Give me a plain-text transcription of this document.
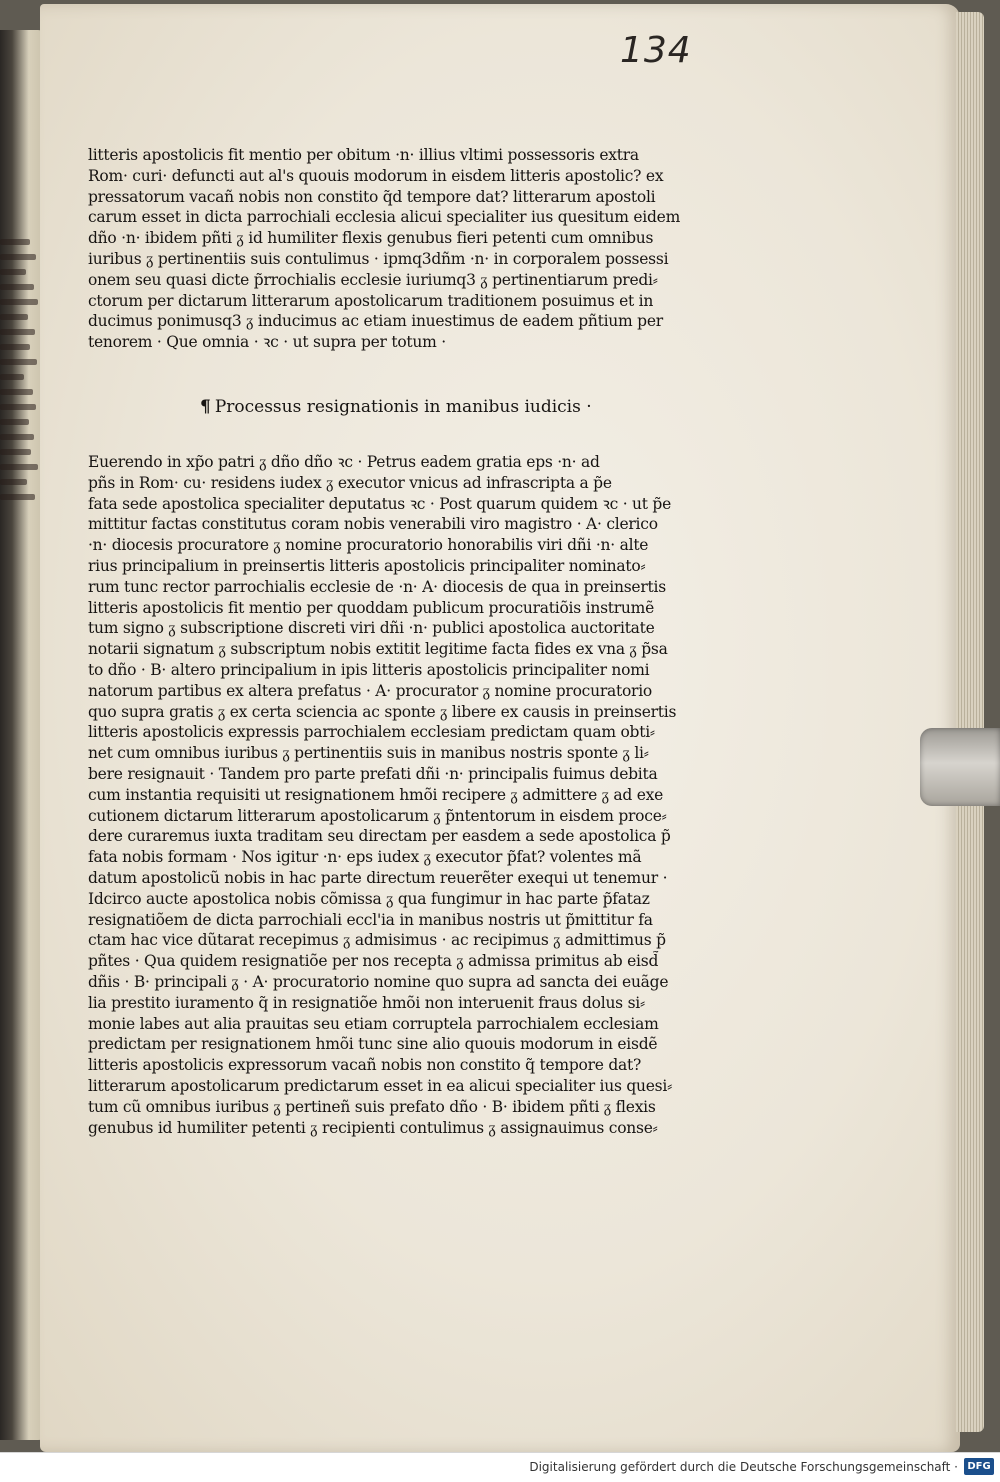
134
litteris apostolicis fit mentio per obitum ·n· illius vltimi possessoris extra
Rom· curi· defuncti aut al's quouis modorum in eisdem litteris apostolic? ex
pressatorum vacañ nobis non constito q̃d tempore dat? litterarum apostoli
carum esset in dicta parrochiali ecclesia alicui specialiter ius quesitum eidem
dño ·n· ibidem pñti ᵹ id humiliter flexis genubus fieri petenti cum omnibus
iuribus ᵹ pertinentiis suis contulimus · ipmq3dñm ·n· in corporalem possessi
onem seu quasi dicte p̃rrochialis ecclesie iuriumq3 ᵹ pertinentiarum predi⸗
ctorum per dictarum litterarum apostolicarum traditionem posuimus et in
ducimus ponimusq3 ᵹ inducimus ac etiam inuestimus de eadem pñtium per
tenorem · Que omnia · ꝛc · ut supra per totum ·
¶ Processus resignationis in manibus iudicis ·
Euerendo in xp̃o patri ᵹ dño dño ꝛc · Petrus eadem gratia eps ·n· ad
pñs in Rom· cu· residens iudex ᵹ executor vnicus ad infrascripta a p̃e
fata sede apostolica specialiter deputatus ꝛc · Post quarum quidem ꝛc · ut p̃e
mittitur factas constitutus coram nobis venerabili viro magistro · A· clerico
·n· diocesis procuratore ᵹ nomine procuratorio honorabilis viri dñi ·n· alte
rius principalium in preinsertis litteris apostolicis principaliter nominato⸗
rum tunc rector parrochialis ecclesie de ·n· A· diocesis de qua in preinsertis
litteris apostolicis fit mentio per quoddam publicum procuratiõis instrumẽ
tum signo ᵹ subscriptione discreti viri dñi ·n· publici apostolica auctoritate
notarii signatum ᵹ subscriptum nobis extitit legitime facta fides ex vna ᵹ p̃sa
to dño · B· altero principalium in ipis litteris apostolicis principaliter nomi
natorum partibus ex altera prefatus · A· procurator ᵹ nomine procuratorio
quo supra gratis ᵹ ex certa sciencia ac sponte ᵹ libere ex causis in preinsertis
litteris apostolicis expressis parrochialem ecclesiam predictam quam obti⸗
net cum omnibus iuribus ᵹ pertinentiis suis in manibus nostris sponte ᵹ li⸗
bere resignauit · Tandem pro parte prefati dñi ·n· principalis fuimus debita
cum instantia requisiti ut resignationem hmõi recipere ᵹ admittere ᵹ ad exe
cutionem dictarum litterarum apostolicarum ᵹ p̃ntentorum in eisdem proce⸗
dere curaremus iuxta traditam seu directam per easdem a sede apostolica p̃
fata nobis formam · Nos igitur ·n· eps iudex ᵹ executor p̃fat? volentes mã
datum apostolicũ nobis in hac parte directum reuerẽter exequi ut tenemur ·
Idcirco aucte apostolica nobis cõmissa ᵹ qua fungimur in hac parte p̃fataz
resignatiõem de dicta parrochiali eccl'ia in manibus nostris ut p̃mittitur fa
ctam hac vice dũtarat recepimus ᵹ admisimus · ac recipimus ᵹ admittimus p̃
pñtes · Qua quidem resignatiõe per nos recepta ᵹ admissa primitus ab eisd̃
dñis · B· principali ᵹ · A· procuratorio nomine quo supra ad sancta dei euãge
lia prestito iuramento q̃ in resignatiõe hmõi non interuenit fraus dolus si⸗
monie labes aut alia prauitas seu etiam corruptela parrochialem ecclesiam
predictam per resignationem hmõi tunc sine alio quouis modorum in eisdẽ
litteris apostolicis expressorum vacañ nobis non constito q̃ tempore dat?
litterarum apostolicarum predictarum esset in ea alicui specialiter ius quesi⸗
tum cũ omnibus iuribus ᵹ pertineñ suis prefato dño · B· ibidem pñti ᵹ flexis
genubus id humiliter petenti ᵹ recipienti contulimus ᵹ assignauimus conse⸗
Digitalisierung gefördert durch die Deutsche Forschungsgemeinschaft · DFG
